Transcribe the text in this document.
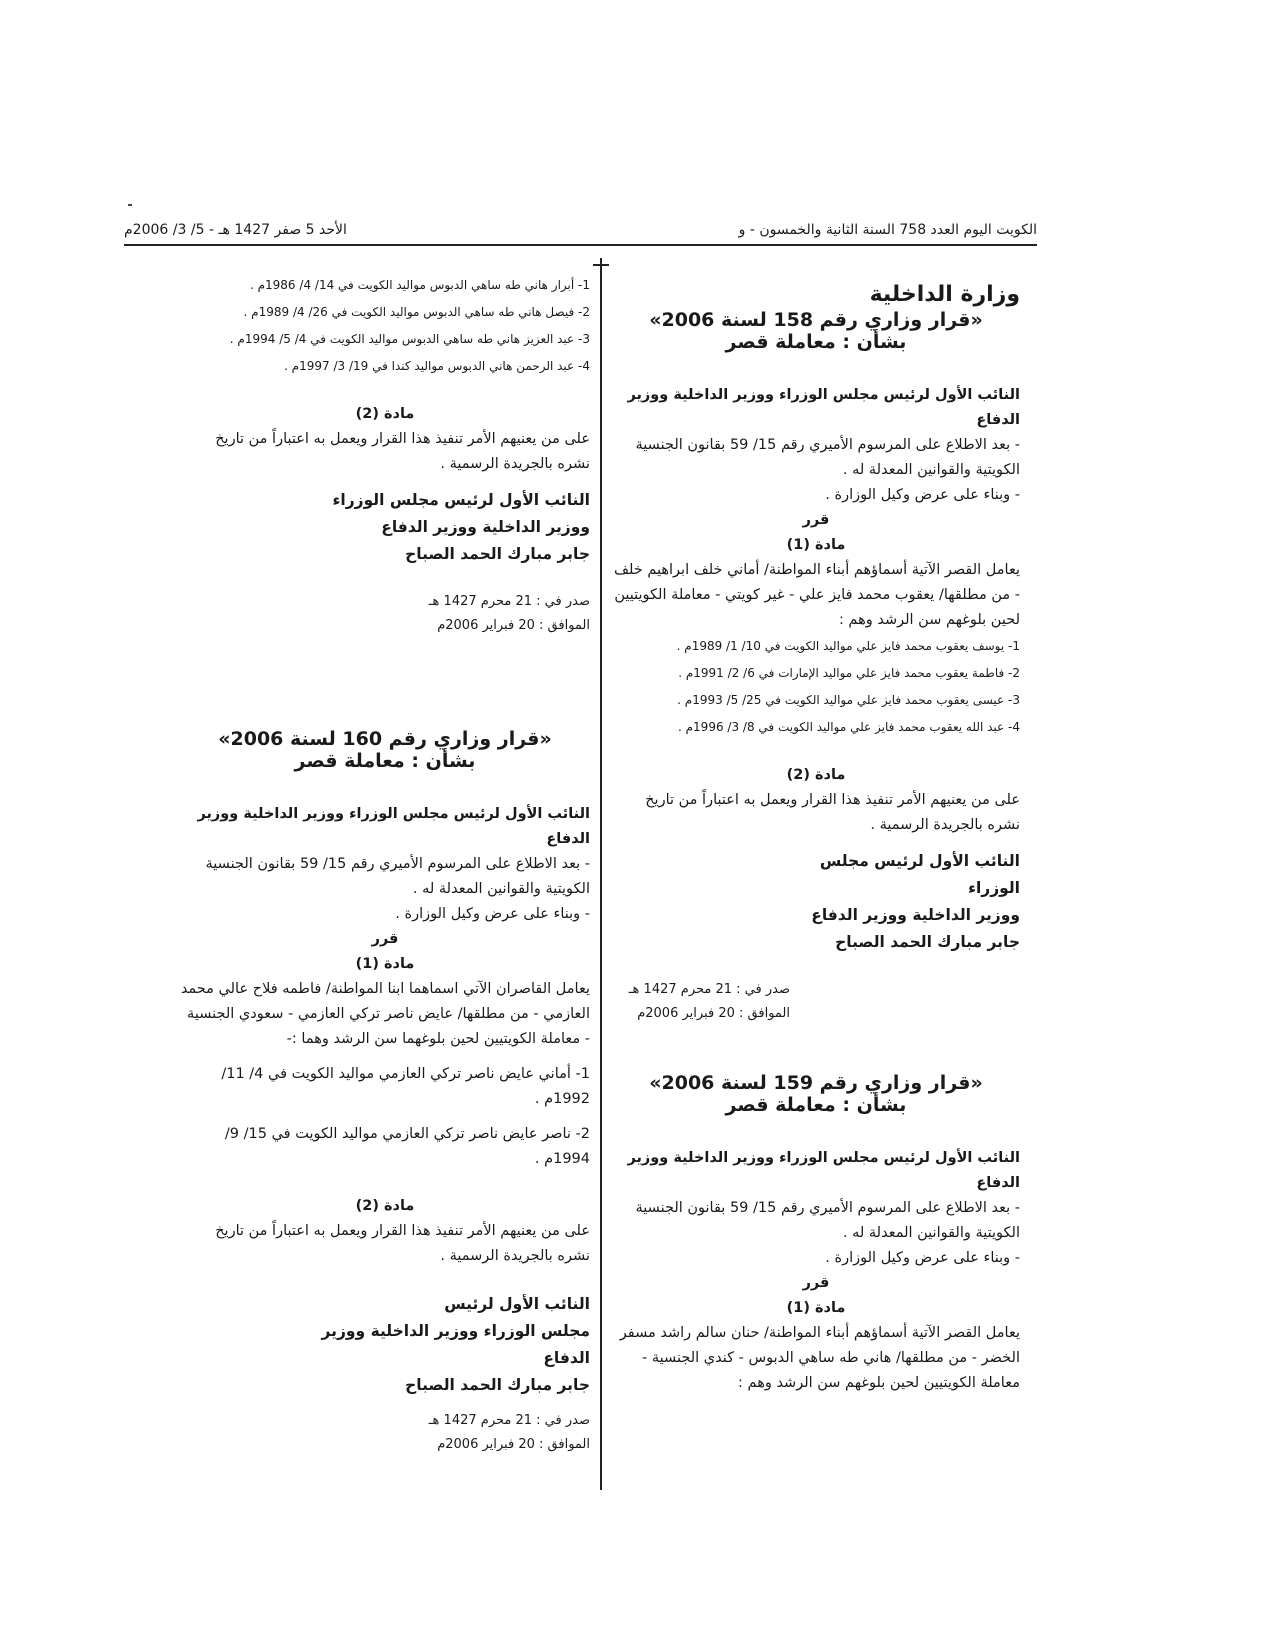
الكويت اليوم العدد 758 السنة الثانية والخمسون - و
الأحد 5 صفر 1427 هـ - 5/ 3/ 2006م

وزارة الداخلية

«قرار وزاري رقم 158 لسنة 2006»

بشأن : معاملة قصر

النائب الأول لرئيس مجلس الوزراء ووزير الداخلية ووزير الدفاع

- بعد الاطلاع على المرسوم الأميري رقم 15/ 59 بقانون الجنسية الكويتية والقوانين المعدلة له .

- وبناء على عرض وكيل الوزارة .

قرر

مادة (1)

يعامل القصر الآتية أسماؤهم أبناء المواطنة/ أماني خلف ابراهيم خلف - من مطلقها/ يعقوب محمد فايز علي - غير كويتي - معاملة الكويتيين لحين بلوغهم سن الرشد وهم :

1- يوسف يعقوب محمد فايز علي مواليد الكويت في 10/ 1/ 1989م .
2- فاطمة يعقوب محمد فايز علي مواليد الإمارات في 6/ 2/ 1991م .
3- عيسى يعقوب محمد فايز علي مواليد الكويت في 25/ 5/ 1993م .
4- عبد الله يعقوب محمد فايز علي مواليد الكويت في 8/ 3/ 1996م .

مادة (2)

على من يعنيهم الأمر تنفيذ هذا القرار ويعمل به اعتباراً من تاريخ نشره بالجريدة الرسمية .

النائب الأول لرئيس مجلس الوزراء

ووزير الداخلية ووزير الدفاع

جابر مبارك الحمد الصباح

صدر في : 21 محرم 1427 هـ

الموافق : 20 فبراير 2006م

«قرار وزاري رقم 159 لسنة 2006»

بشأن : معاملة قصر

النائب الأول لرئيس مجلس الوزراء ووزير الداخلية ووزير الدفاع

- بعد الاطلاع على المرسوم الأميري رقم 15/ 59 بقانون الجنسية الكويتية والقوانين المعدلة له .

- وبناء على عرض وكيل الوزارة .

قرر

مادة (1)

يعامل القصر الآتية أسماؤهم أبناء المواطنة/ حنان سالم راشد مسفر الخضر - من مطلقها/ هاني طه ساهي الدبوس - كندي الجنسية - معاملة الكويتيين لحين بلوغهم سن الرشد وهم :

1- أبرار هاني طه ساهي الدبوس مواليد الكويت في 14/ 4/ 1986م .
2- فيصل هاني طه ساهي الدبوس مواليد الكويت في 26/ 4/ 1989م .
3- عبد العزيز هاني طه ساهي الدبوس مواليد الكويت في 4/ 5/ 1994م .
4- عبد الرحمن هاني الدبوس مواليد كندا في 19/ 3/ 1997م .

مادة (2)

على من يعنيهم الأمر تنفيذ هذا القرار ويعمل به اعتباراً من تاريخ نشره بالجريدة الرسمية .

النائب الأول لرئيس مجلس الوزراء

ووزير الداخلية ووزير الدفاع

جابر مبارك الحمد الصباح

صدر في : 21 محرم 1427 هـ

الموافق : 20 فبراير 2006م

«قرار وزاري رقم 160 لسنة 2006»

بشأن : معاملة قصر

النائب الأول لرئيس مجلس الوزراء ووزير الداخلية ووزير الدفاع

- بعد الاطلاع على المرسوم الأميري رقم 15/ 59 بقانون الجنسية الكويتية والقوانين المعدلة له .

- وبناء على عرض وكيل الوزارة .

قرر

مادة (1)

يعامل القاصران الآتي اسماهما ابنا المواطنة/ فاطمه فلاح عالي محمد العازمي - من مطلقها/ عايض ناصر تركي العازمي - سعودي الجنسية - معاملة الكويتيين لحين بلوغهما سن الرشد وهما :-

1- أماني عايض ناصر تركي العازمي مواليد الكويت في 4/ 11/ 1992م .

2- ناصر عايض ناصر تركي العازمي مواليد الكويت في 15/ 9/ 1994م .

مادة (2)

على من يعنيهم الأمر تنفيذ هذا القرار ويعمل به اعتباراً من تاريخ نشره بالجريدة الرسمية .

النائب الأول لرئيس

مجلس الوزراء ووزير الداخلية ووزير الدفاع

جابر مبارك الحمد الصباح

صدر في : 21 محرم 1427 هـ

الموافق : 20 فبراير 2006م
